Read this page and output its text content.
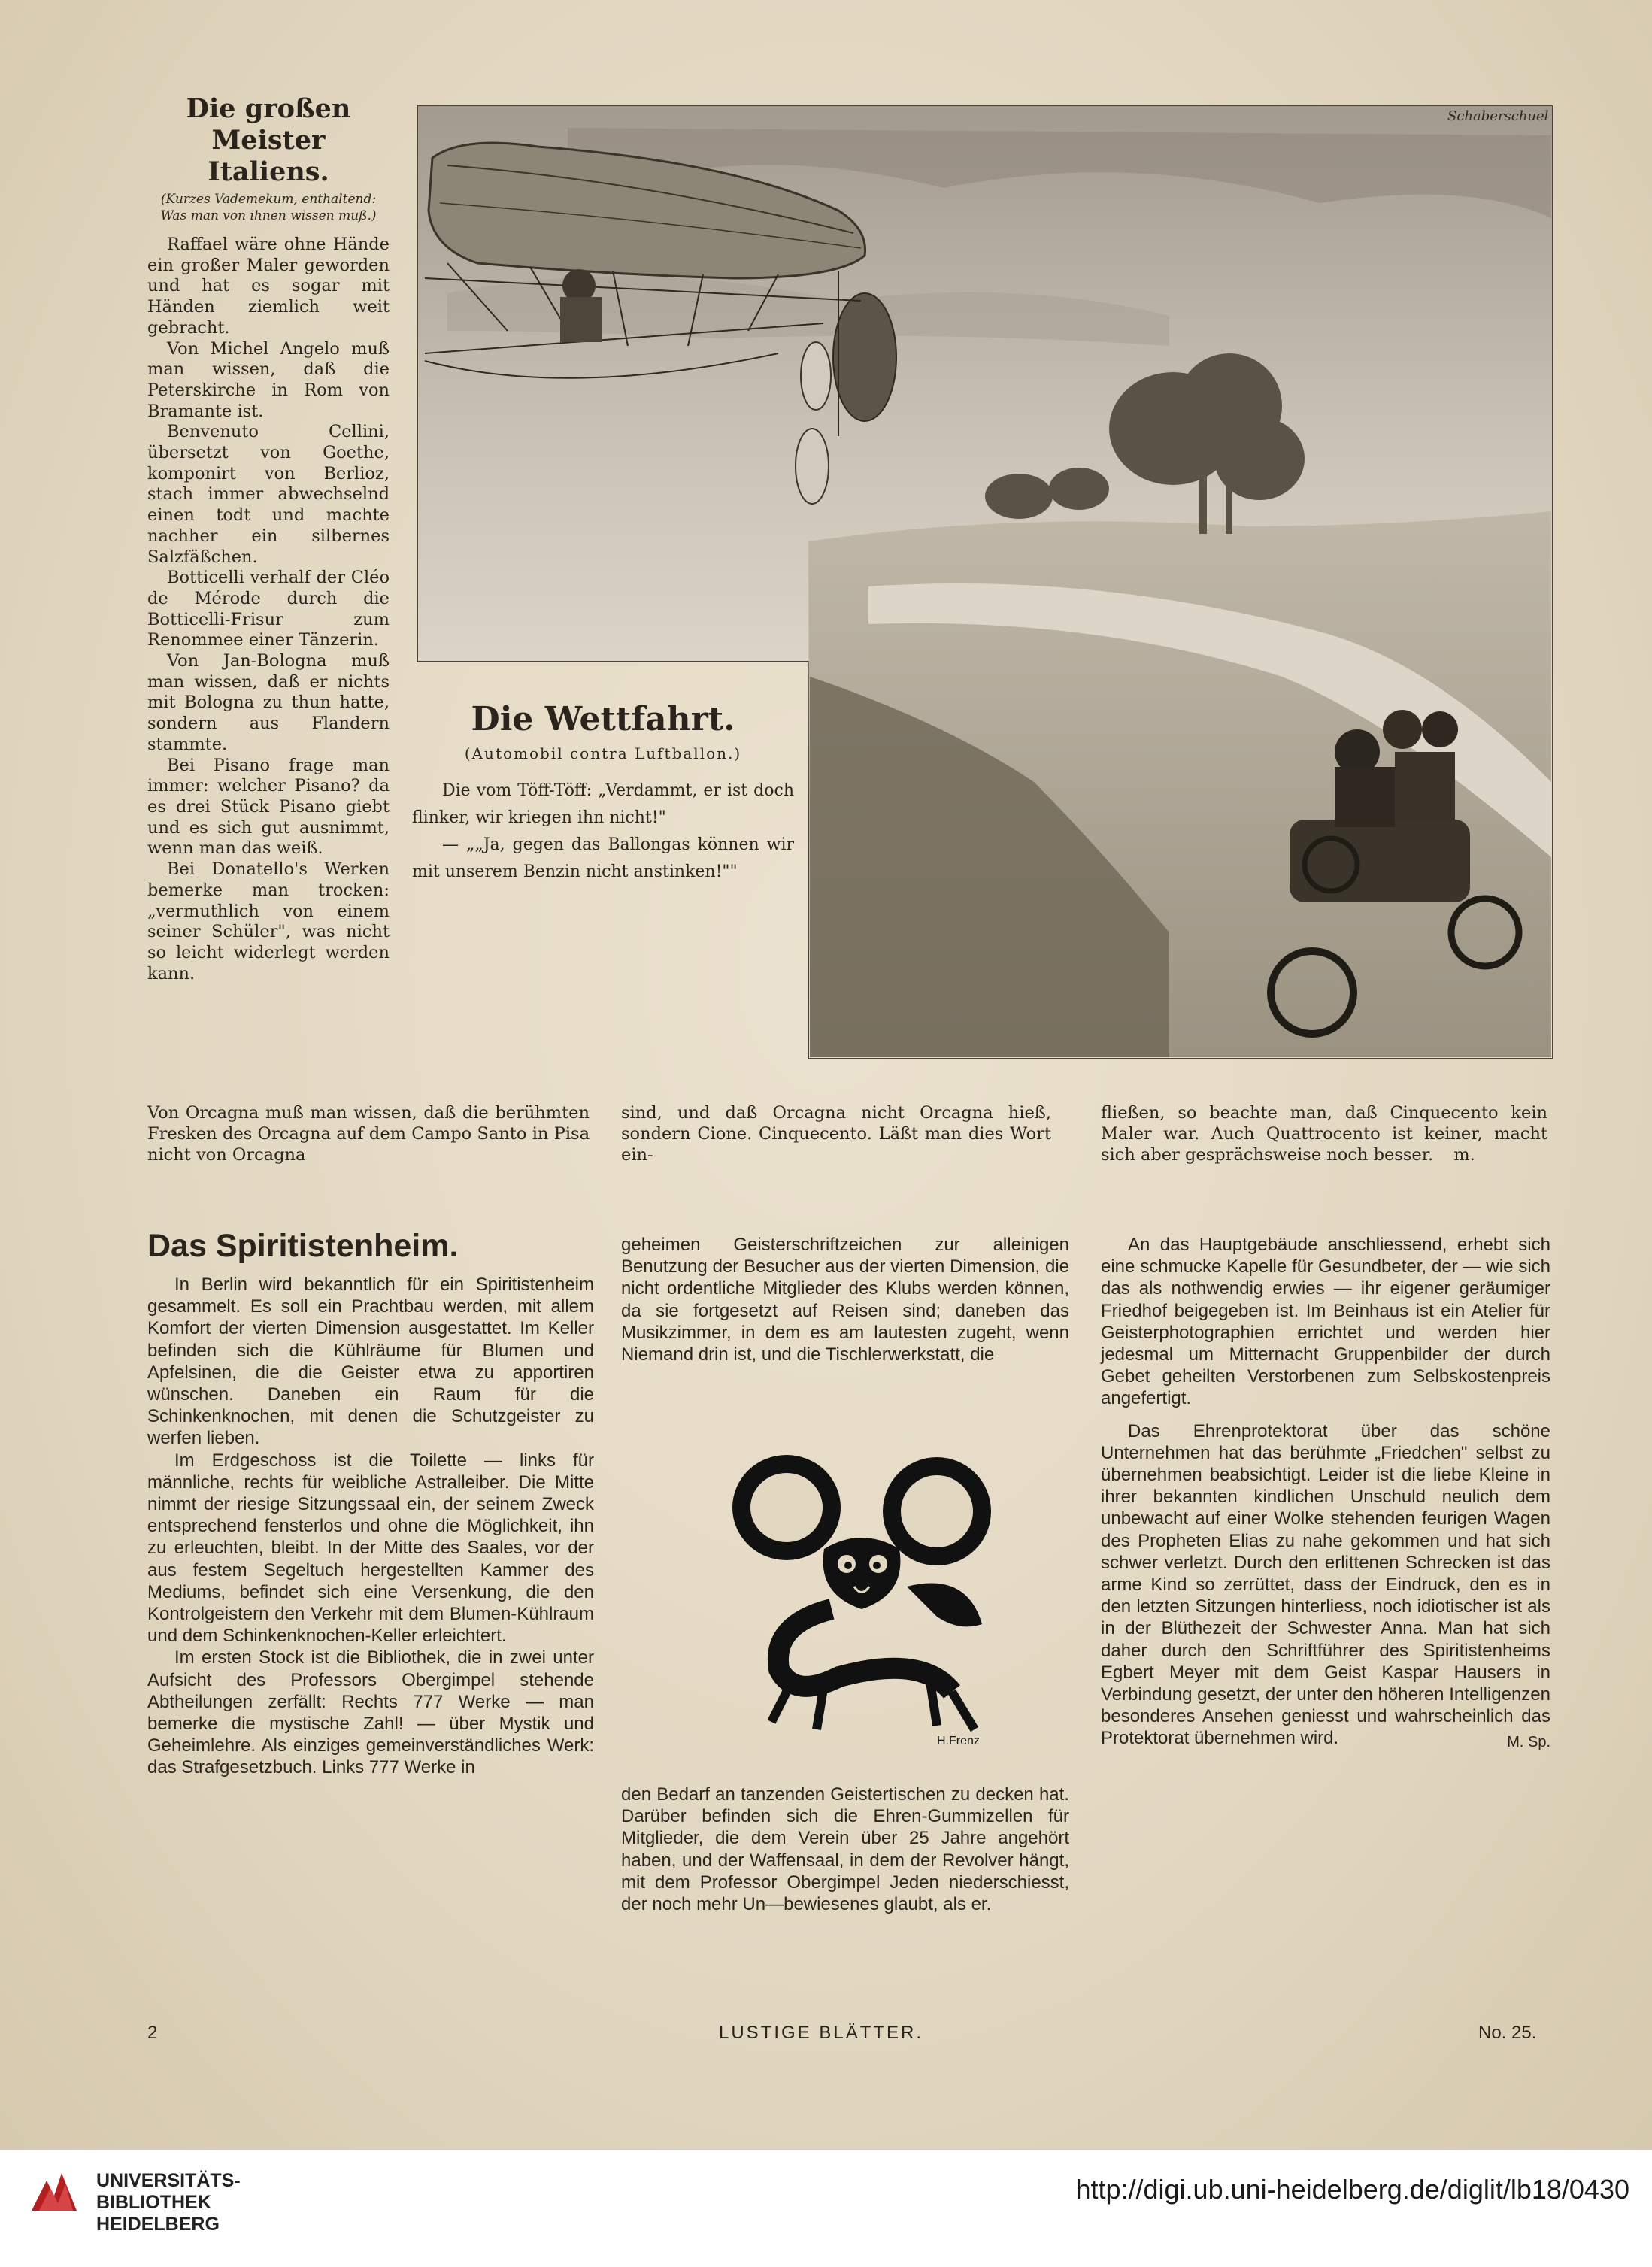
Die großen Meister
Italiens.
(Kurzes Vademekum, enthaltend: Was man von ihnen wissen muß.)

Raffael wäre ohne Hände ein großer Maler geworden und hat es sogar mit Händen ziemlich weit gebracht.

Von Michel Angelo muß man wissen, daß die Peterskirche in Rom von Bramante ist.

Benvenuto Cellini, übersetzt von Goethe, komponirt von Berlioz, stach immer abwechselnd einen todt und machte nachher ein silbernes Salzfäßchen.

Botticelli verhalf der Cléo de Mérode durch die Botticelli-Frisur zum Renommee einer Tänzerin.

Von Jan-Bologna muß man wissen, daß er nichts mit Bologna zu thun hatte, sondern aus Flandern stammte.

Bei Pisano frage man immer: welcher Pisano? da es drei Stück Pisano giebt und es sich gut ausnimmt, wenn man das weiß.

Bei Donatello's Werken bemerke man trocken: „vermuthlich von einem seiner Schüler", was nicht so leicht widerlegt werden kann.

Schaberschuel
Die Wettfahrt.
(Automobil contra Luftballon.)

Die vom Töff-Töff: „Verdammt, er ist doch flinker, wir kriegen ihn nicht!"

— „„Ja, gegen das Ballongas können wir mit unserem Benzin nicht anstinken!""

Von Orcagna muß man wissen, daß die berühmten Fresken des Orcagna auf dem Campo Santo in Pisa nicht von Orcagna
sind, und daß Orcagna nicht Orcagna hieß, sondern Cione. Cinquecento. Läßt man dies Wort ein-
fließen, so beachte man, daß Cinquecento kein Maler war. Auch Quattrocento ist keiner, macht sich aber gesprächsweise noch besser. m.
Das Spiritistenheim.

In Berlin wird bekanntlich für ein Spiritistenheim gesammelt. Es soll ein Prachtbau werden, mit allem Komfort der vierten Dimension ausgestattet. Im Keller befinden sich die Kühlräume für Blumen und Apfelsinen, die die Geister etwa zu apportiren wünschen. Daneben ein Raum für die Schinkenknochen, mit denen die Schutzgeister zu werfen lieben.

Im Erdgeschoss ist die Toilette — links für männliche, rechts für weibliche Astralleiber. Die Mitte nimmt der riesige Sitzungssaal ein, der seinem Zweck entsprechend fensterlos und ohne die Möglichkeit, ihn zu erleuchten, bleibt. In der Mitte des Saales, vor der aus festem Segeltuch hergestellten Kammer des Mediums, befindet sich eine Versenkung, die den Kontrolgeistern den Verkehr mit dem Blumen-Kühlraum und dem Schinkenknochen-Keller erleichtert.

Im ersten Stock ist die Bibliothek, die in zwei unter Aufsicht des Professors Obergimpel stehende Abtheilungen zerfällt: Rechts 777 Werke — man bemerke die mystische Zahl! — über Mystik und Geheimlehre. Als einziges gemeinverständliches Werk: das Strafgesetzbuch. Links 777 Werke in

geheimen Geisterschriftzeichen zur alleinigen Benutzung der Besucher aus der vierten Dimension, die nicht ordentliche Mitglieder des Klubs werden können, da sie fortgesetzt auf Reisen sind; daneben das Musikzimmer, in dem es am lautesten zugeht, wenn Niemand drin ist, und die Tischlerwerkstatt, die

H.Frenz

den Bedarf an tanzenden Geistertischen zu decken hat. Darüber befinden sich die Ehren-Gummizellen für Mitglieder, die dem Verein über 25 Jahre angehört haben, und der Waffensaal, in dem der Revolver hängt, mit dem Professor Obergimpel Jeden niederschiesst, der noch mehr Un—bewiesenes glaubt, als er.

An das Hauptgebäude anschliessend, erhebt sich eine schmucke Kapelle für Gesundbeter, der — wie sich das als nothwendig erwies — ihr eigener geräumiger Friedhof beigegeben ist. Im Beinhaus ist ein Atelier für Geisterphotographien errichtet und werden hier jedesmal um Mitternacht Gruppenbilder der durch Gebet geheilten Verstorbenen zum Selbskostenpreis angefertigt.

Das Ehrenprotektorat über das schöne Unternehmen hat das berühmte „Friedchen" selbst zu übernehmen beabsichtigt. Leider ist die liebe Kleine in ihrer bekannten kindlichen Unschuld neulich dem unbewacht auf einer Wolke stehenden feurigen Wagen des Propheten Elias zu nahe gekommen und hat sich schwer verletzt. Durch den erlittenen Schrecken ist das arme Kind so zerrüttet, dass der Eindruck, den es in den letzten Sitzungen hinterliess, noch idiotischer ist als in der Blüthezeit der Schwester Anna. Man hat sich daher durch den Schriftführer des Spiritistenheims Egbert Meyer mit dem Geist Kaspar Hausers in Verbindung gesetzt, der unter den höheren Intelligenzen besonderes Ansehen geniesst und wahrscheinlich das Protektorat übernehmen wird.	M. Sp.
2	LUSTIGE BLÄTTER.	No. 25.
UNIVERSITÄTS-
BIBLIOTHEK
HEIDELBERG
http://digi.ub.uni-heidelberg.de/diglit/lb18/0430
